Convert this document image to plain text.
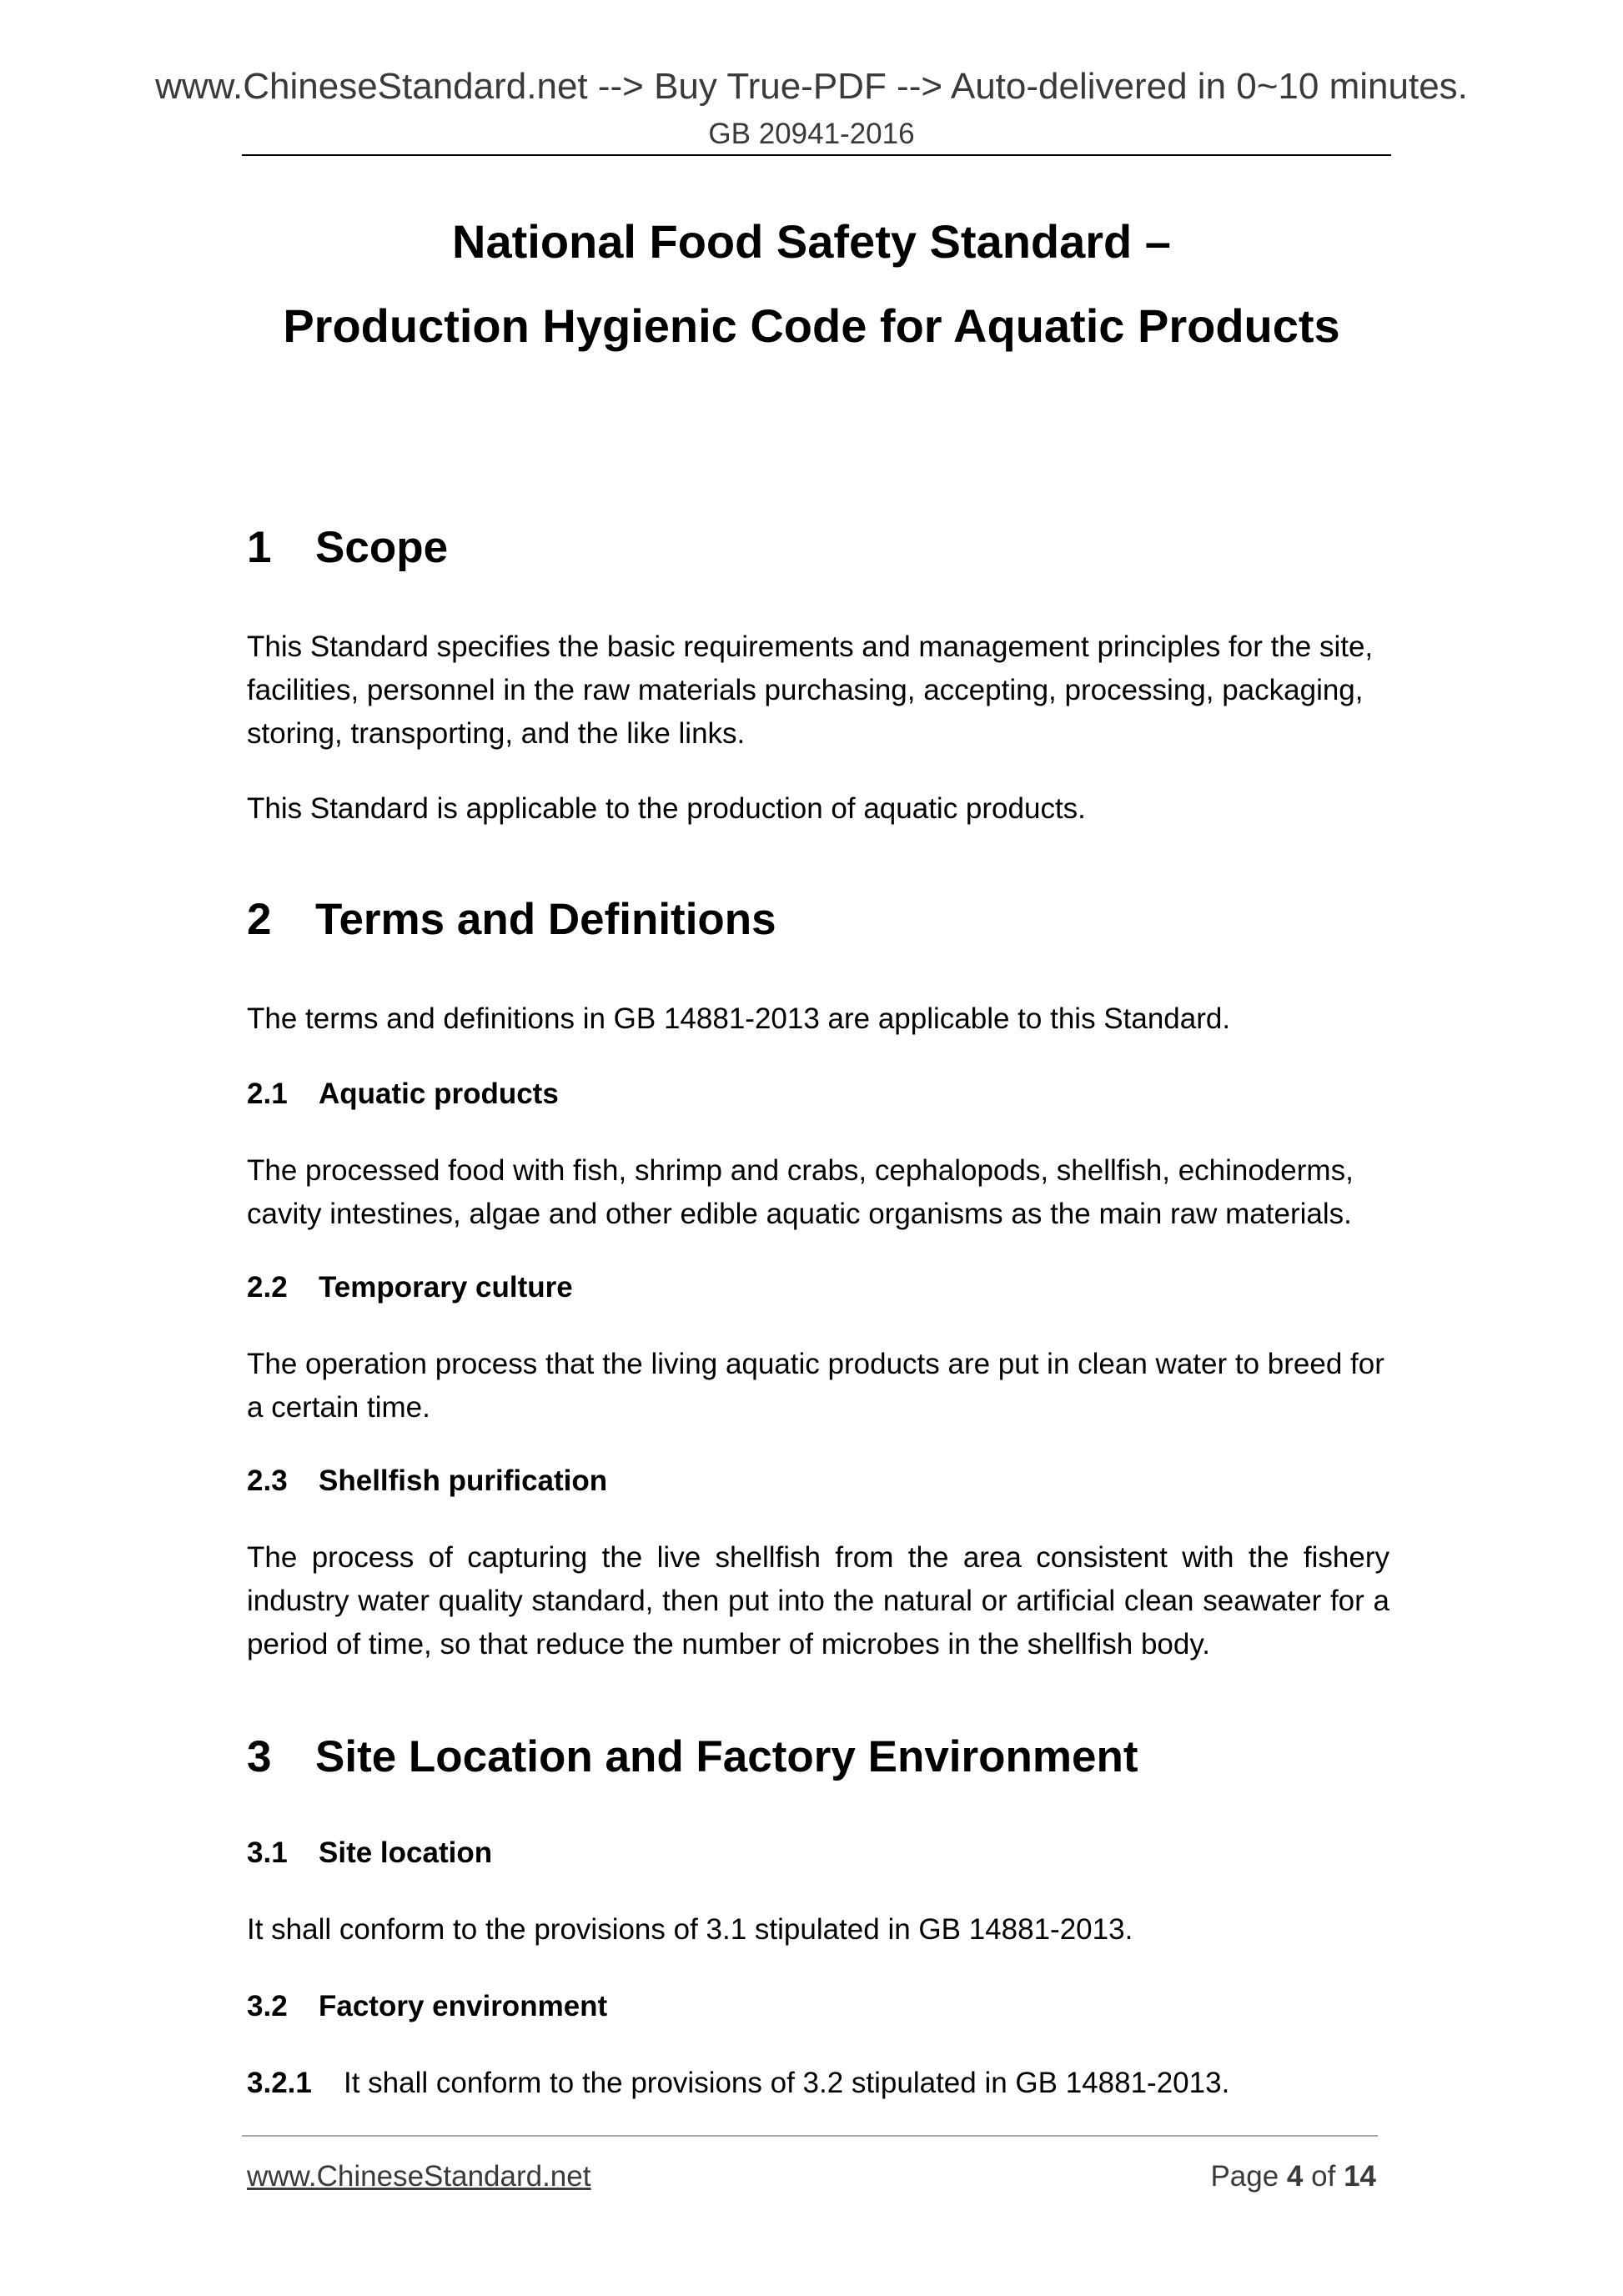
www.ChineseStandard.net --> Buy True-PDF --> Auto-delivered in 0~10 minutes.
GB 20941-2016
National Food Safety Standard –
Production Hygienic Code for Aquatic Products
1 Scope

This Standard specifies the basic requirements and management principles for the site, facilities, personnel in the raw materials purchasing, accepting, processing, packaging, storing, transporting, and the like links.

This Standard is applicable to the production of aquatic products.

2 Terms and Definitions

The terms and definitions in GB 14881-2013 are applicable to this Standard.

2.1 Aquatic products

The processed food with fish, shrimp and crabs, cephalopods, shellfish, echinoderms, cavity intestines, algae and other edible aquatic organisms as the main raw materials.

2.2 Temporary culture

The operation process that the living aquatic products are put in clean water to breed for a certain time.

2.3 Shellfish purification

The process of capturing the live shellfish from the area consistent with the fishery industry water quality standard, then put into the natural or artificial clean seawater for a period of time, so that reduce the number of microbes in the shellfish body.

3 Site Location and Factory Environment
3.1 Site location

It shall conform to the provisions of 3.1 stipulated in GB 14881-2013.

3.2 Factory environment
3.2.1 It shall conform to the provisions of 3.2 stipulated in GB 14881-2013.
www.ChineseStandard.net	Page 4 of 14
